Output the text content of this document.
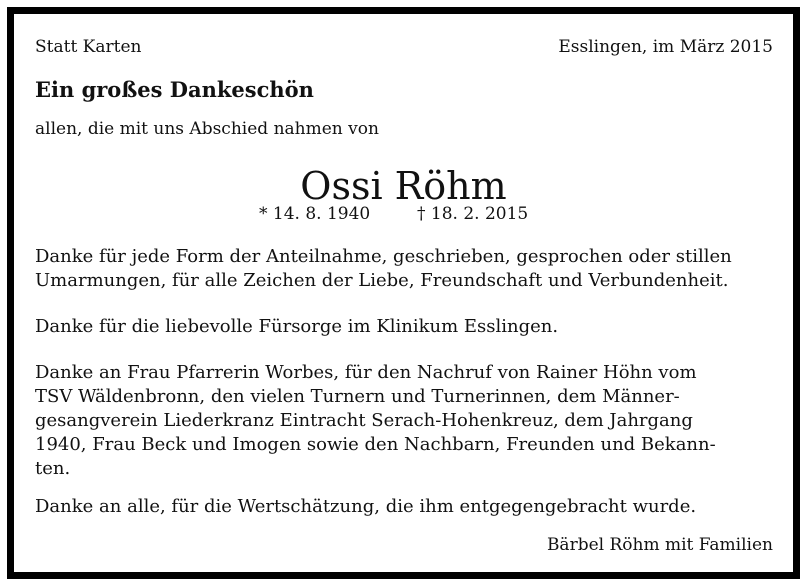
Statt Karten	Esslingen, im März 2015
Ein großes Dankeschön
allen, die mit uns Abschied nahmen von
Ossi Röhm
* 14. 8. 1940	† 18. 2. 2015
Danke für jede Form der Anteilnahme, geschrieben, gesprochen oder stillen
Umarmungen, für alle Zeichen der Liebe, Freundschaft und Verbundenheit.
Danke für die liebevolle Fürsorge im Klinikum Esslingen.
Danke an Frau Pfarrerin Worbes, für den Nachruf von Rainer Höhn vom
TSV Wäldenbronn, den vielen Turnern und Turnerinnen, dem Männer-
gesangverein Liederkranz Eintracht Serach-Hohenkreuz, dem Jahrgang
1940, Frau Beck und Imogen sowie den Nachbarn, Freunden und Bekann-
ten.
Danke an alle, für die Wertschätzung, die ihm entgegengebracht wurde.
Bärbel Röhm mit Familien
